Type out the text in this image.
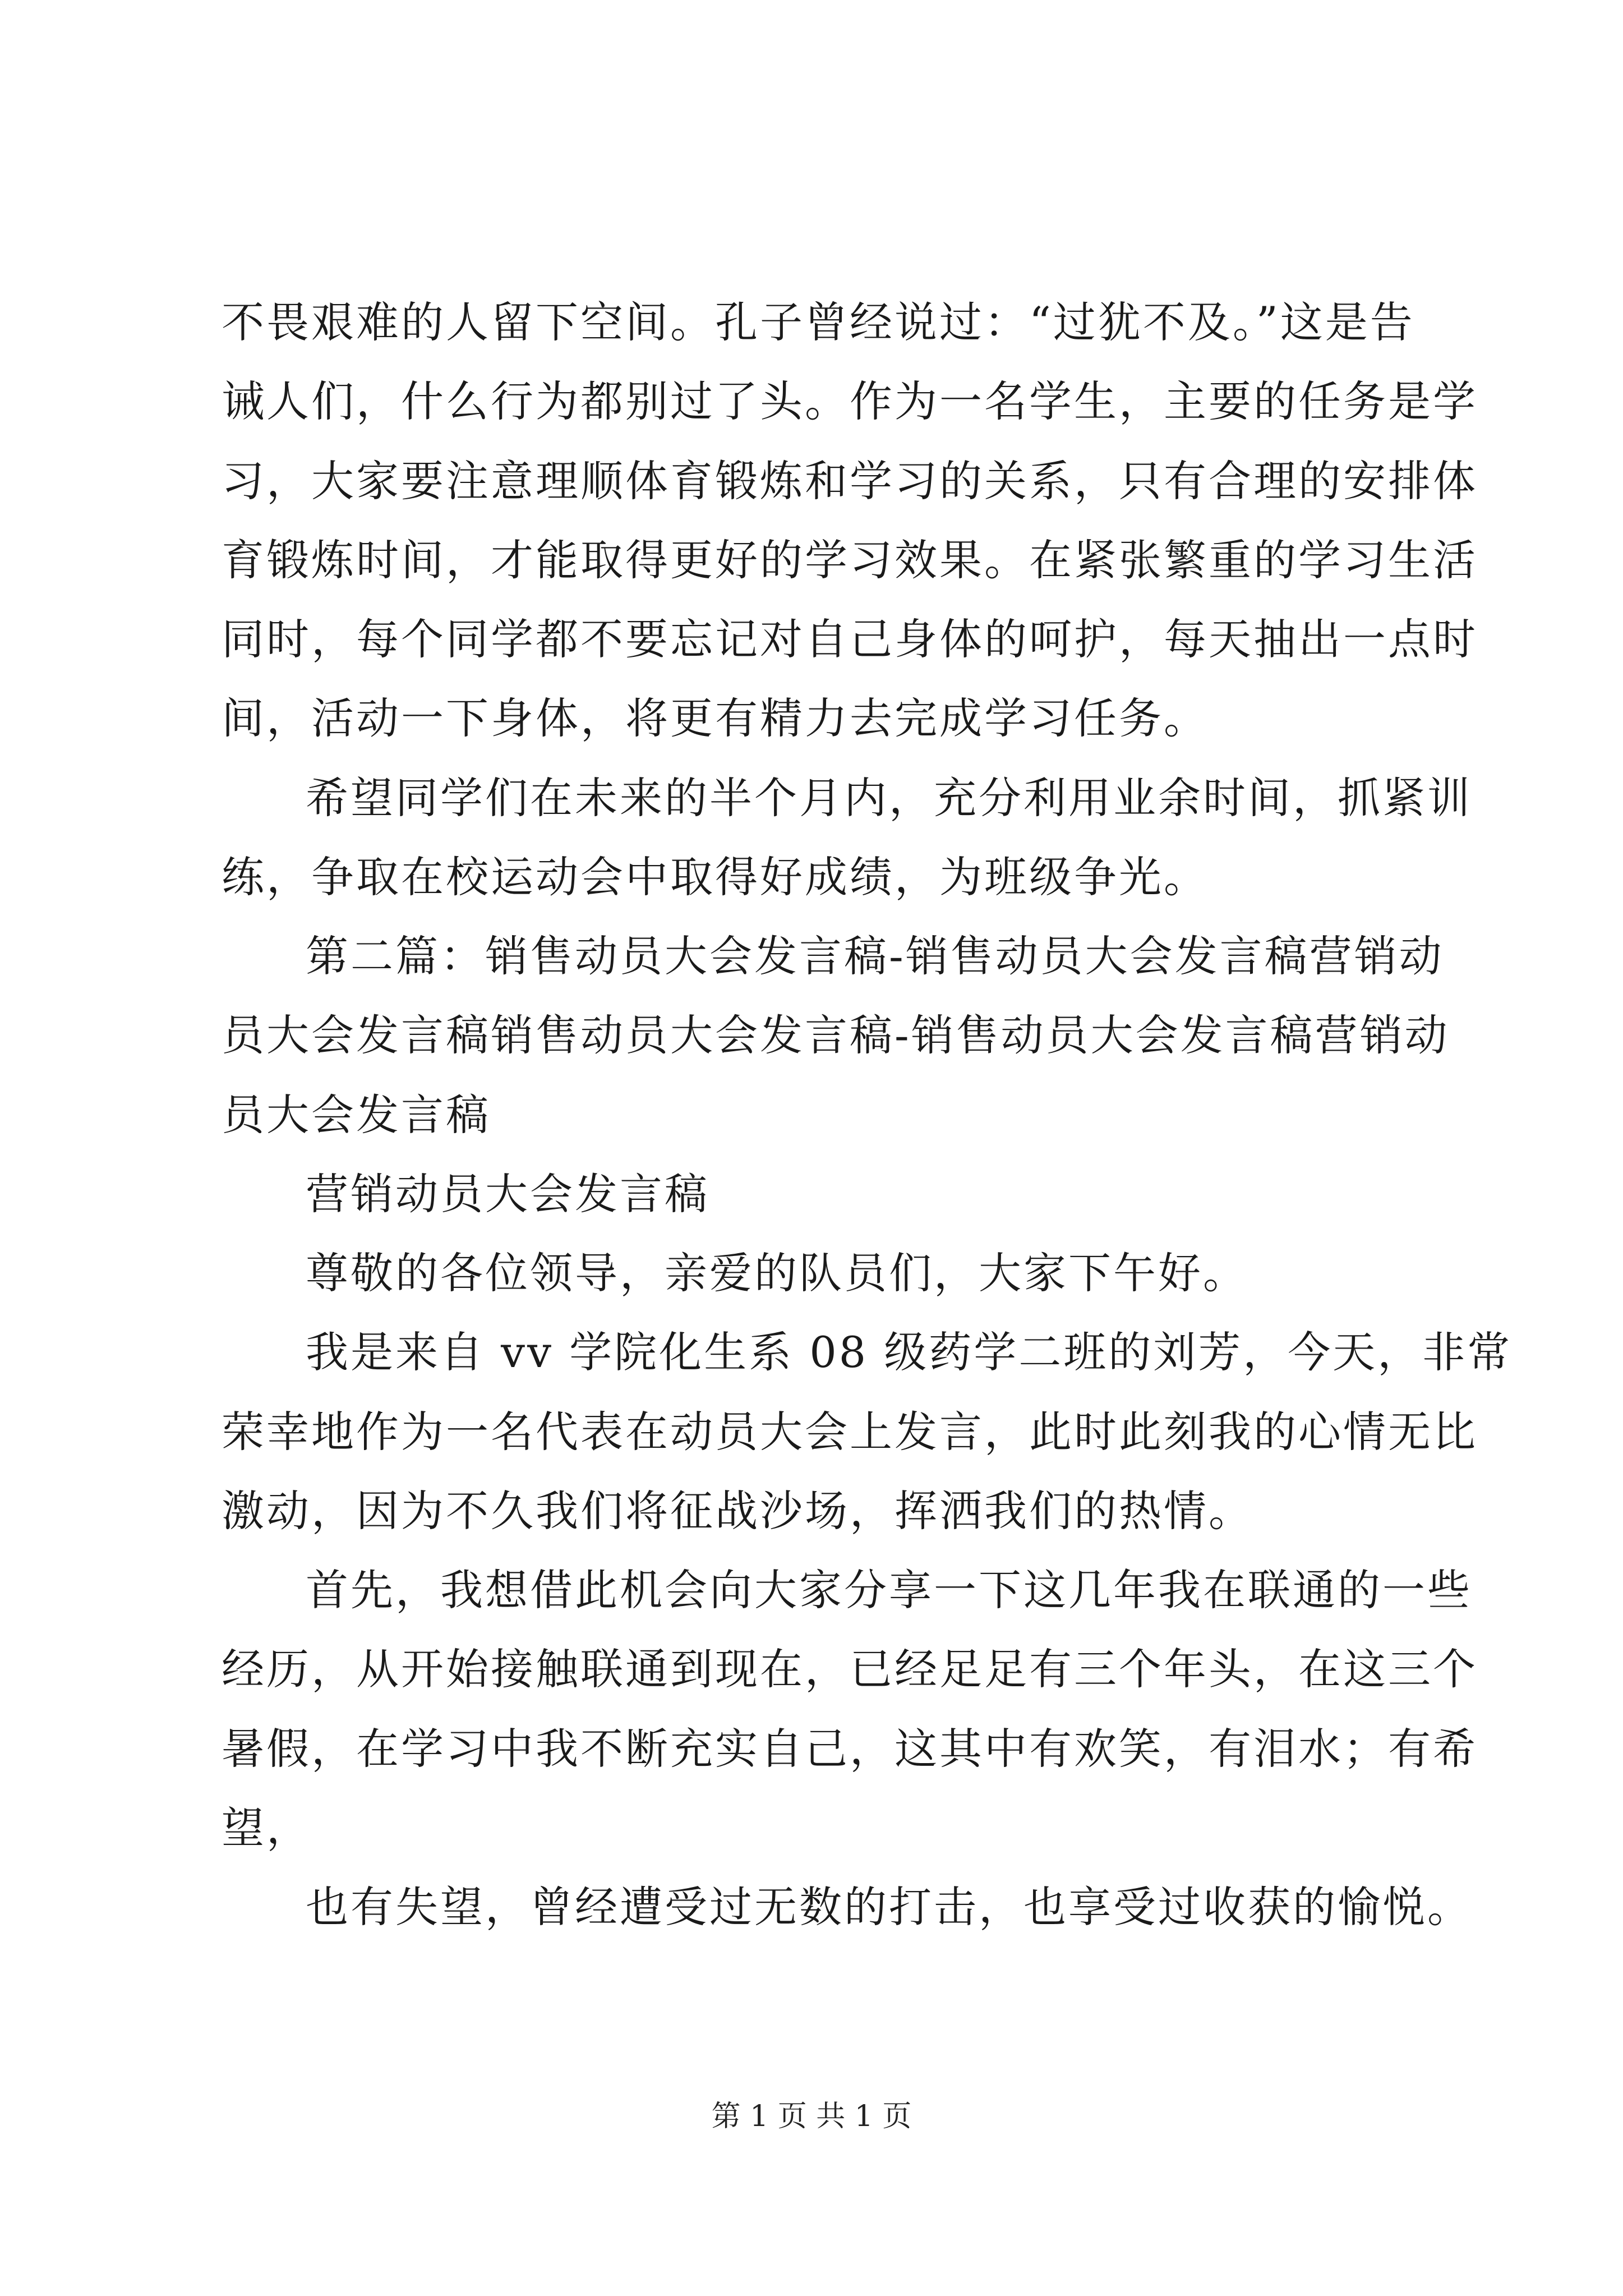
不畏艰难的人留下空间。孔子曾经说过：“过犹不及。”这是告
诫人们，什么行为都别过了头。作为一名学生，主要的任务是学
习，大家要注意理顺体育锻炼和学习的关系，只有合理的安排体
育锻炼时间，才能取得更好的学习效果。在紧张繁重的学习生活
同时，每个同学都不要忘记对自己身体的呵护，每天抽出一点时
间，活动一下身体，将更有精力去完成学习任务。
希望同学们在未来的半个月内，充分利用业余时间，抓紧训
练，争取在校运动会中取得好成绩，为班级争光。
第二篇：销售动员大会发言稿-销售动员大会发言稿营销动
员大会发言稿销售动员大会发言稿-销售动员大会发言稿营销动
员大会发言稿
营销动员大会发言稿
尊敬的各位领导，亲爱的队员们，大家下午好。
我是来自 vv 学院化生系 08 级药学二班的刘芳，今天，非常
荣幸地作为一名代表在动员大会上发言，此时此刻我的心情无比
激动，因为不久我们将征战沙场，挥洒我们的热情。
首先，我想借此机会向大家分享一下这几年我在联通的一些
经历，从开始接触联通到现在，已经足足有三个年头，在这三个
暑假，在学习中我不断充实自己，这其中有欢笑，有泪水；有希
望，
也有失望，曾经遭受过无数的打击，也享受过收获的愉悦。
第 1 页 共 1 页
